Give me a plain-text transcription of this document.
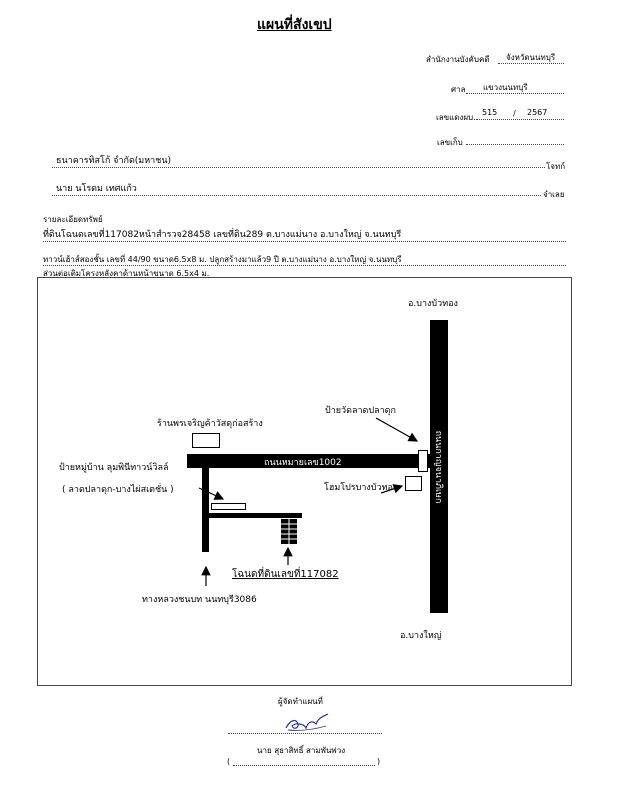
แผนที่สังเขป
สำนักงานบังคับคดี จังหวัดนนทบุรี
ศาล แขวงนนทบุรี
เลขแดงผบ.
515 / 2567
เลขเก็บ
ธนาคารทิสโก้ จำกัด(มหาชน)
โจทก์
นาย นโรดม เทศแก้ว
จำเลย
รายละเอียดทรัพย์
ที่ดินโฉนดเลขที่117082หน้าสำรวจ28458 เลขที่ดิน289 ต.บางแม่นาง อ.บางใหญ่ จ.นนทบุรี
ทาวน์เฮ้าส์สองชั้น เลขที่ 44/90 ขนาด6.5x8 ม. ปลูกสร้างมาแล้ว9 ปี ต.บางแม่นาง อ.บางใหญ่ จ.นนทบุรี
ส่วนต่อเติมโครงหลังคาด้านหน้าขนาด 6.5x4 ม.
ถนนกาญจนาภิเษก
อ.บางบัวทอง
อ.บางใหญ่
ถนนหมายเลข1002
ร้านพรเจริญค้าวัสดุก่อสร้าง
ป้ายวัดลาดปลาดุก
ป้ายหมู่บ้าน ลุมพินีทาวน์วิลล์
( ลาดปลาดุก-บางไผ่สเตชั่น )	โฮมโปรบางบัวทอง
โฉนดที่ดินเลขที่117082
ทางหลวงชนบท นนทบุรี3086
ผู้จัดทำแผนที่
นาย สุธาสิทธิ์ สามพันพ่วง
(	)
